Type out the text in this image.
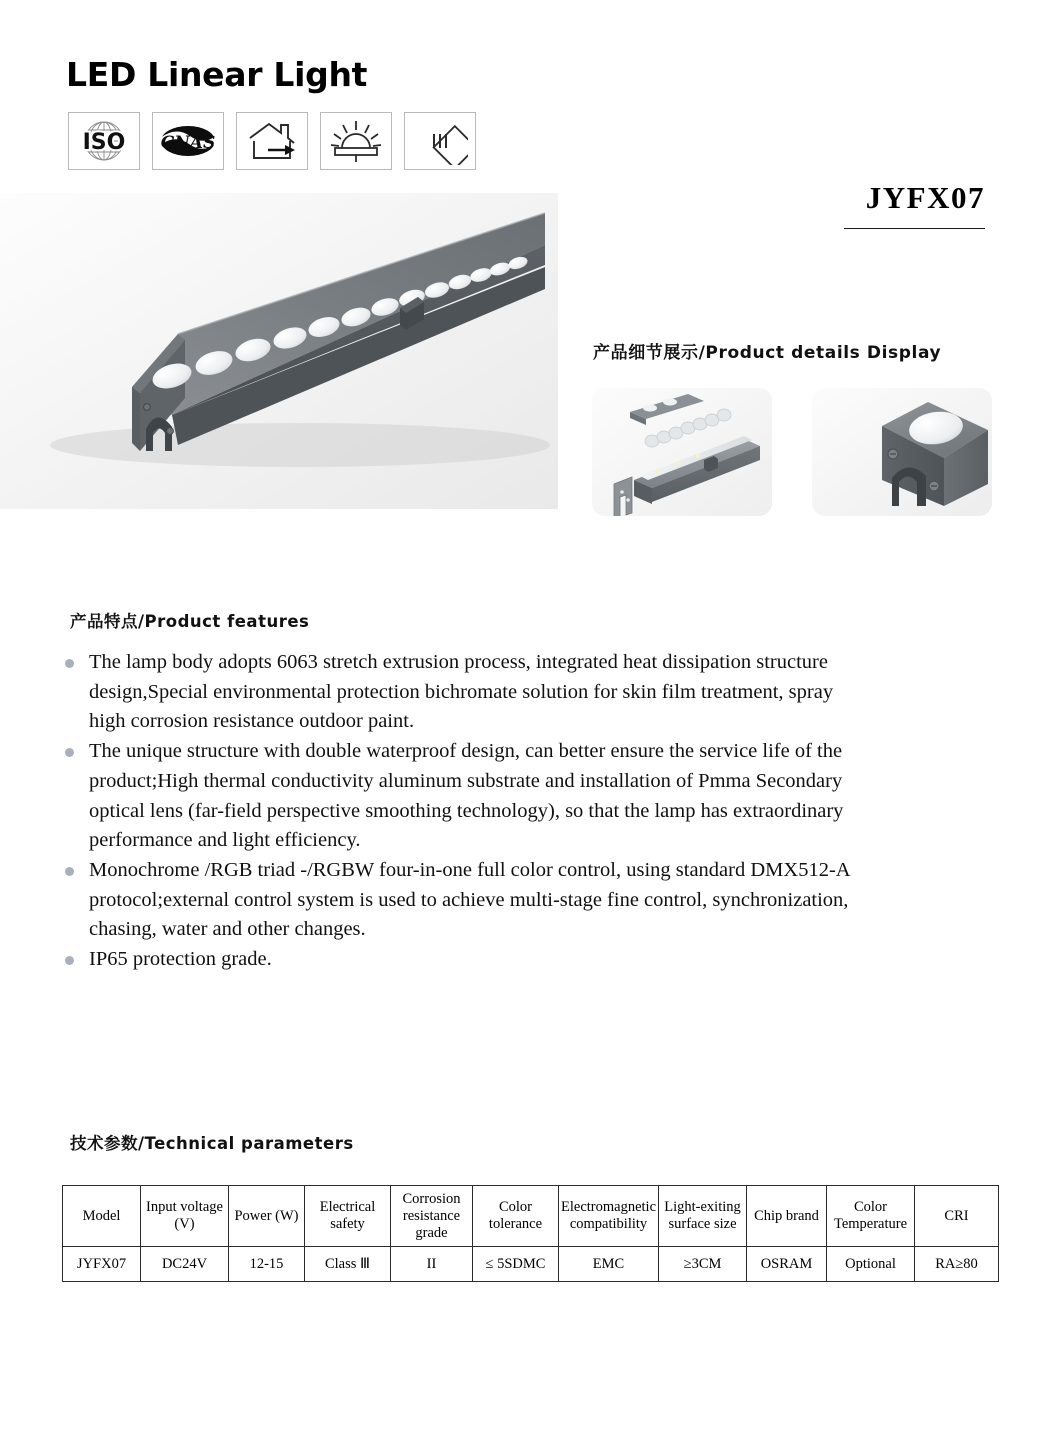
LED Linear Light
ISO CNAS
JYFX07
产品细节展示/Product details Display
产品特点/Product features
The lamp body adopts 6063 stretch extrusion process, integrated heat dissipation structure design,Special environmental protection bichromate solution for skin film treatment, spray high corrosion resistance outdoor paint.
The unique structure with double waterproof design, can better ensure the service life of the product;High thermal conductivity aluminum substrate and installation of Pmma Secondary optical lens (far-field perspective smoothing technology), so that the lamp has extraordinary performance and light efficiency.
Monochrome /RGB triad -/RGBW four-in-one full color control, using standard DMX512-A protocol;external control system is used to achieve multi-stage fine control, synchronization, chasing, water and other changes.
IP65 protection grade.
技术参数/Technical parameters
Model	Input voltage (V)	Power (W)	Electrical safety	Corrosion resistance grade	Color tolerance	Electromagnetic compatibility	Light-exiting surface size	Chip brand	Color Temperature	CRI
JYFX07	DC24V	12-15	Class Ⅲ	II	≤ 5SDMC	EMC	≥3CM	OSRAM	Optional	RA≥80
